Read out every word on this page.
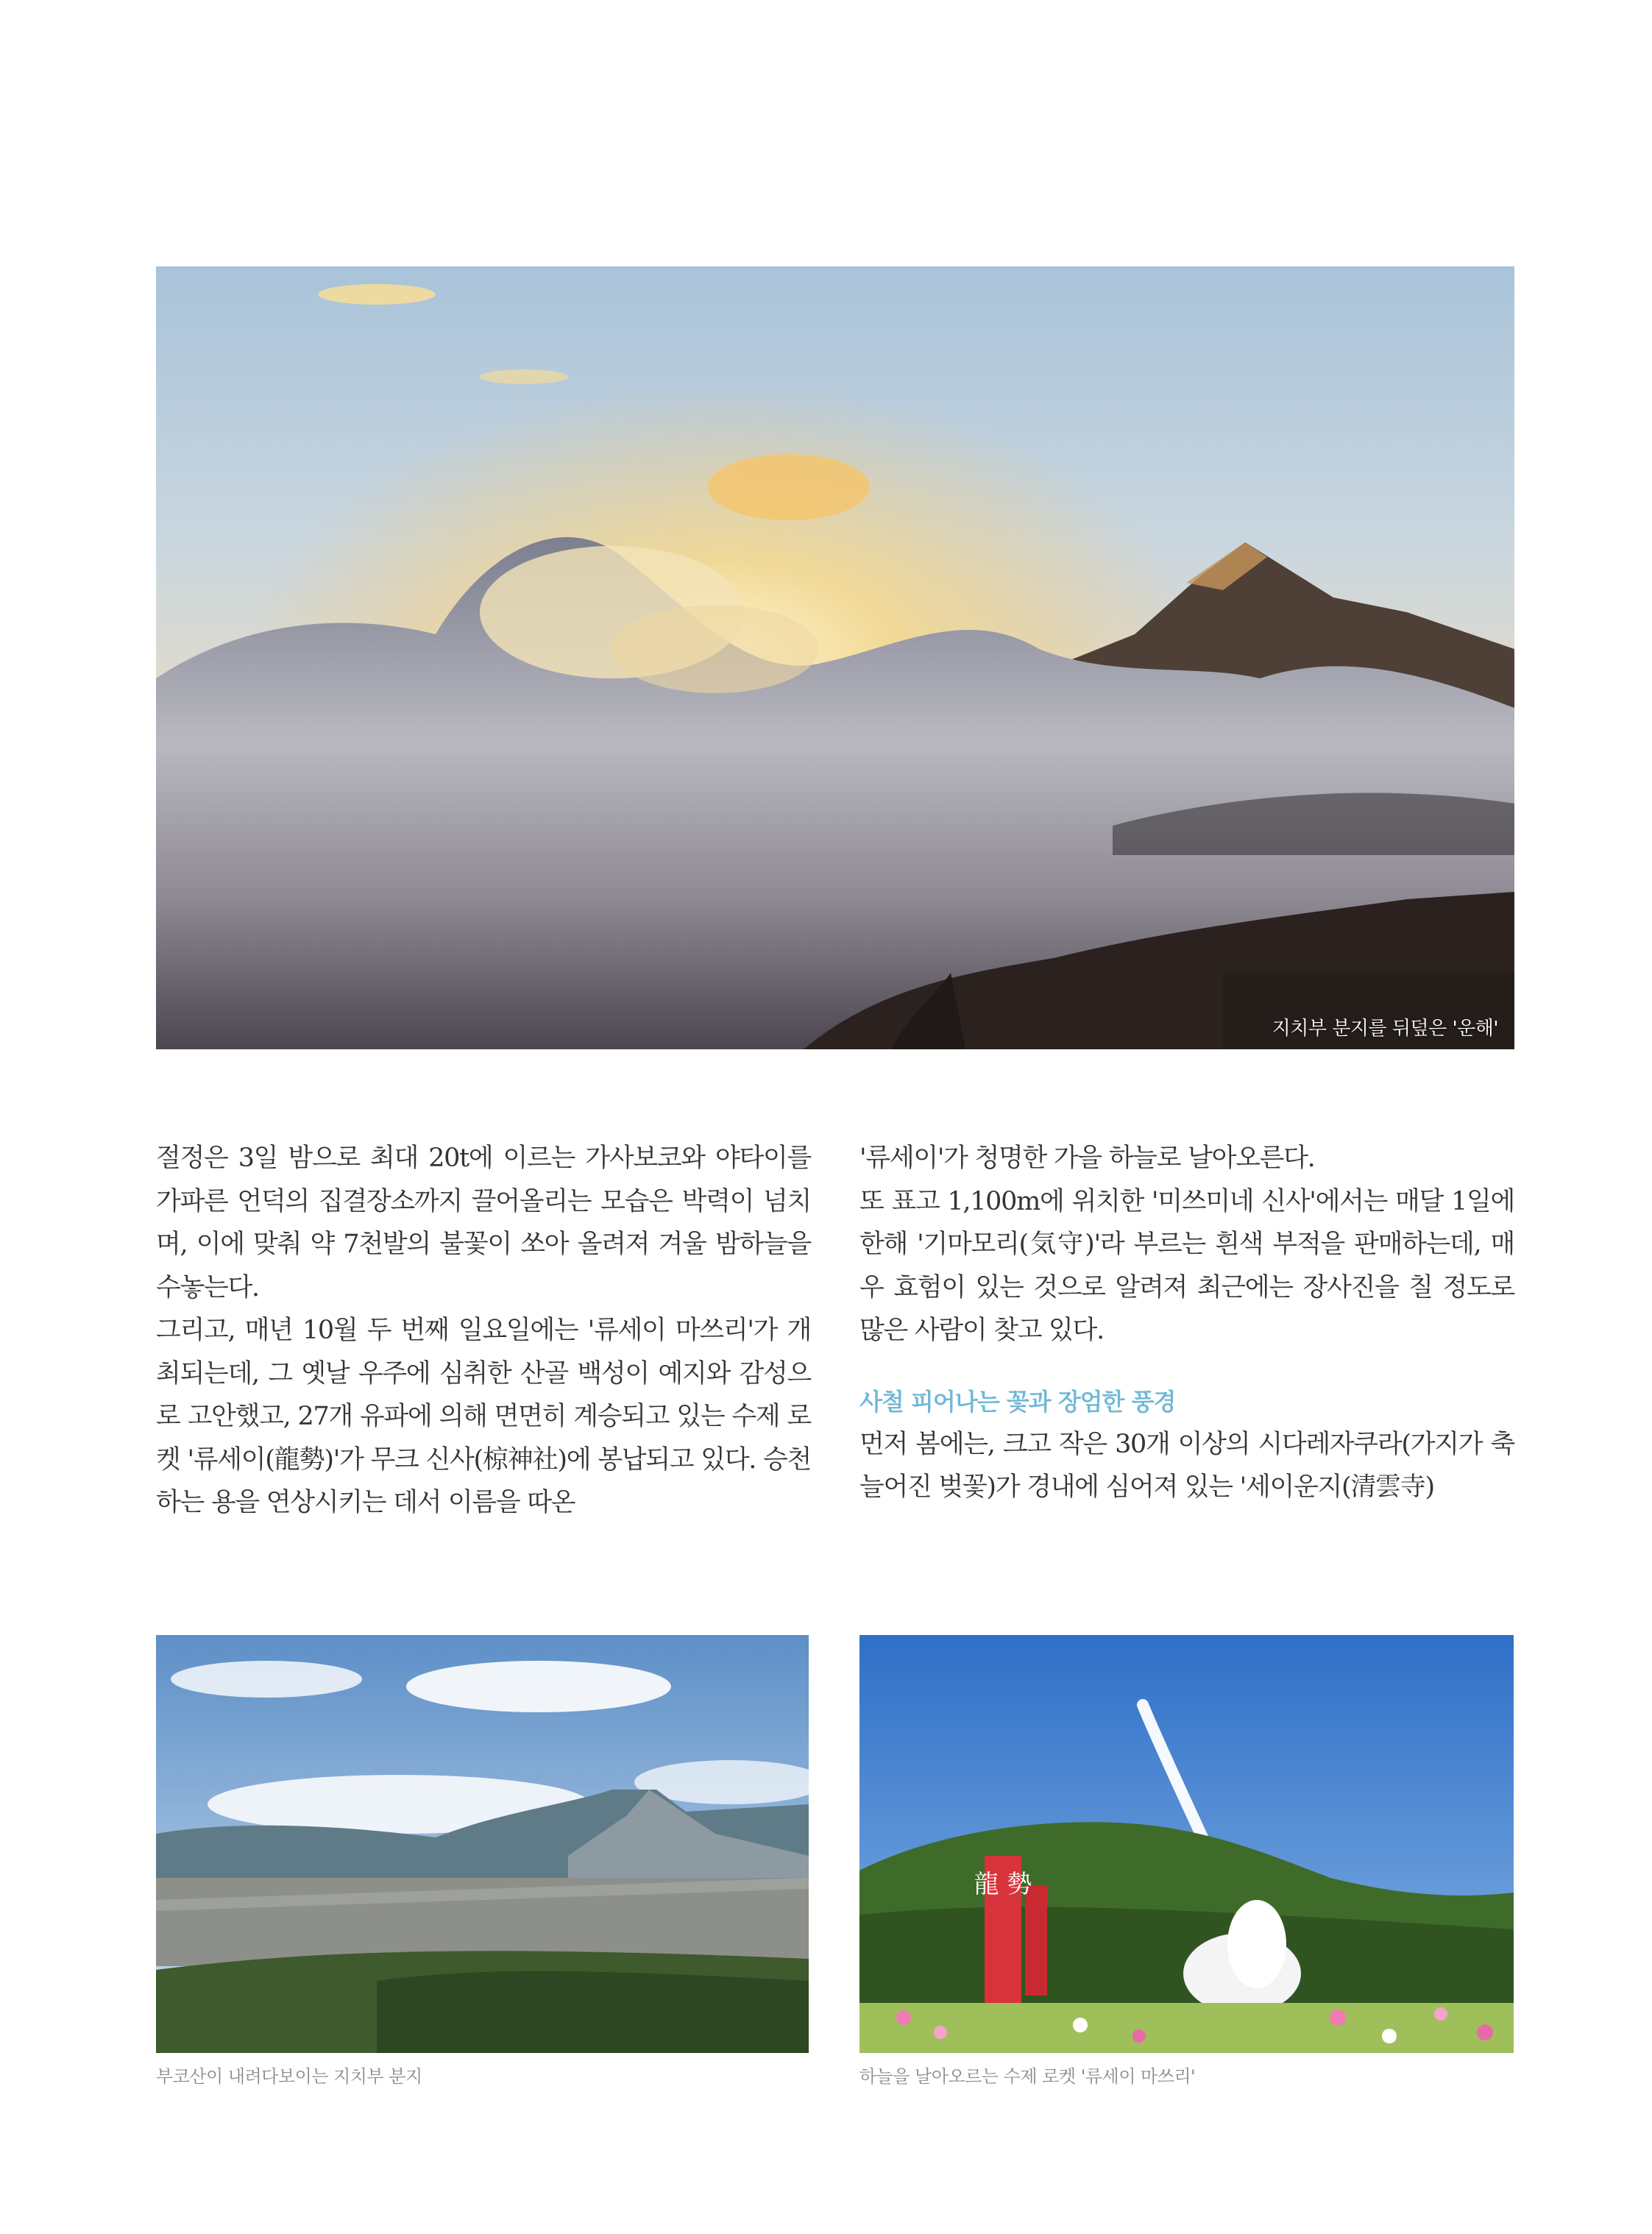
지치부 분지를 뒤덮은 '운해'

절정은 3일 밤으로 최대 20t에 이르는 가사보코와 야타이를 가파른 언덕의 집결장소까지 끌어올리는 모습은 박력이 넘치며, 이에 맞춰 약 7천발의 불꽃이 쏘아 올려져 겨울 밤하늘을 수놓는다.

그리고, 매년 10월 두 번째 일요일에는 '류세이 마쓰리'가 개최되는데, 그 옛날 우주에 심취한 산골 백성이 예지와 감성으로 고안했고, 27개 유파에 의해 면면히 계승되고 있는 수제 로켓 '류세이(龍勢)'가 무크 신사(椋神社)에 봉납되고 있다. 승천하는 용을 연상시키는 데서 이름을 따온

'류세이'가 청명한 가을 하늘로 날아오른다.

또 표고 1,100m에 위치한 '미쓰미네 신사'에서는 매달 1일에 한해 '기마모리(気守)'라 부르는 흰색 부적을 판매하는데, 매우 효험이 있는 것으로 알려져 최근에는 장사진을 칠 정도로 많은 사람이 찾고 있다.

사철 피어나는 꽃과 장엄한 풍경

먼저 봄에는, 크고 작은 30개 이상의 시다레자쿠라(가지가 축 늘어진 벚꽃)가 경내에 심어져 있는 '세이운지(清雲寺)

부코산이 내려다보이는 지치부 분지
龍 勢
하늘을 날아오르는 수제 로켓 '류세이 마쓰리'
